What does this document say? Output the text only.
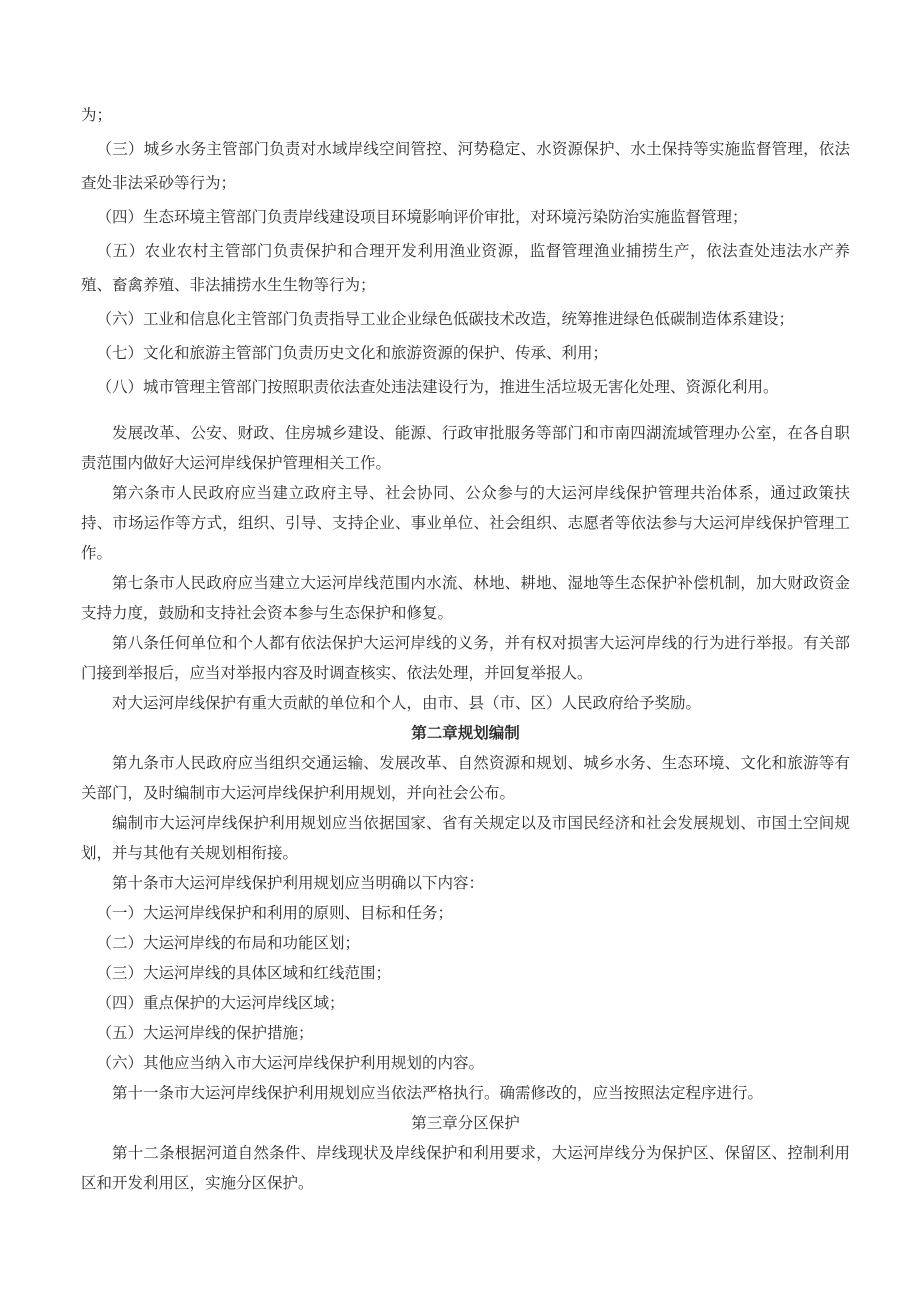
为；

（三）城乡水务主管部门负责对水域岸线空间管控、河势稳定、水资源保护、水土保持等实施监督管理，依法查处非法采砂等行为；

（四）生态环境主管部门负责岸线建设项目环境影响评价审批，对环境污染防治实施监督管理；

（五）农业农村主管部门负责保护和合理开发利用渔业资源，监督管理渔业捕捞生产，依法查处违法水产养殖、畜禽养殖、非法捕捞水生生物等行为；

（六）工业和信息化主管部门负责指导工业企业绿色低碳技术改造，统筹推进绿色低碳制造体系建设；

（七）文化和旅游主管部门负责历史文化和旅游资源的保护、传承、利用；

（八）城市管理主管部门按照职责依法查处违法建设行为，推进生活垃圾无害化处理、资源化利用。

发展改革、公安、财政、住房城乡建设、能源、行政审批服务等部门和市南四湖流域管理办公室，在各自职责范围内做好大运河岸线保护管理相关工作。

第六条市人民政府应当建立政府主导、社会协同、公众参与的大运河岸线保护管理共治体系，通过政策扶持、市场运作等方式，组织、引导、支持企业、事业单位、社会组织、志愿者等依法参与大运河岸线保护管理工作。

第七条市人民政府应当建立大运河岸线范围内水流、林地、耕地、湿地等生态保护补偿机制，加大财政资金支持力度，鼓励和支持社会资本参与生态保护和修复。

第八条任何单位和个人都有依法保护大运河岸线的义务，并有权对损害大运河岸线的行为进行举报。有关部门接到举报后，应当对举报内容及时调查核实、依法处理，并回复举报人。

对大运河岸线保护有重大贡献的单位和个人，由市、县（市、区）人民政府给予奖励。

第二章规划编制

第九条市人民政府应当组织交通运输、发展改革、自然资源和规划、城乡水务、生态环境、文化和旅游等有关部门，及时编制市大运河岸线保护利用规划，并向社会公布。

编制市大运河岸线保护利用规划应当依据国家、省有关规定以及市国民经济和社会发展规划、市国土空间规划，并与其他有关规划相衔接。

第十条市大运河岸线保护利用规划应当明确以下内容：

（一）大运河岸线保护和利用的原则、目标和任务；

（二）大运河岸线的布局和功能区划；

（三）大运河岸线的具体区域和红线范围；

（四）重点保护的大运河岸线区域；

（五）大运河岸线的保护措施；

（六）其他应当纳入市大运河岸线保护利用规划的内容。

第十一条市大运河岸线保护利用规划应当依法严格执行。确需修改的，应当按照法定程序进行。

第三章分区保护

第十二条根据河道自然条件、岸线现状及岸线保护和利用要求，大运河岸线分为保护区、保留区、控制利用区和开发利用区，实施分区保护。
